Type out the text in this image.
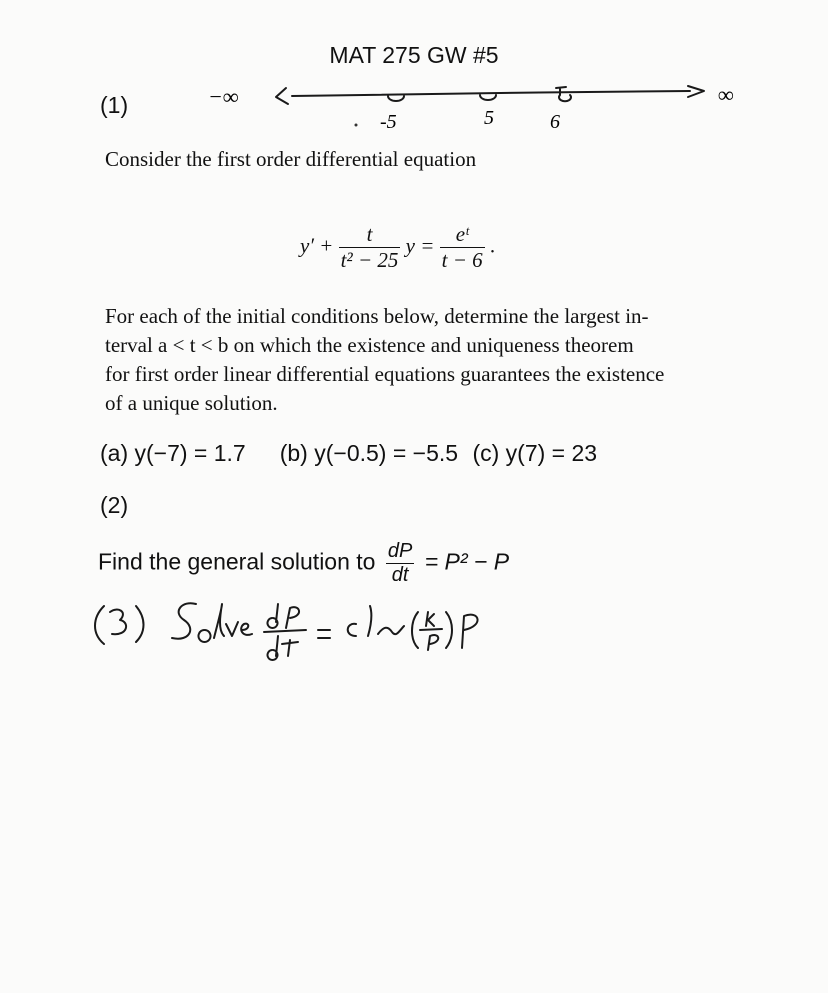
MAT 275 GW #5
(1)
-5	5	6
−∞	∞
Consider the first order differential equation
$y' + \frac{t}{\text{t² − 25}}$ $y = \frac{\text{eᵗ}}{t - 6}$ .
For each of the initial conditions below, determine the largest in-
terval a < t < b on which the existence and uniqueness theorem
for first order linear differential equations guarantees the existence
of a unique solution.
(a) y(−7) = 1.7 (b) y(−0.5) = −5.5 (c) y(7) = 23
(2)
Find the general solution to $\frac{dP}{dt} = P^2 - P$
